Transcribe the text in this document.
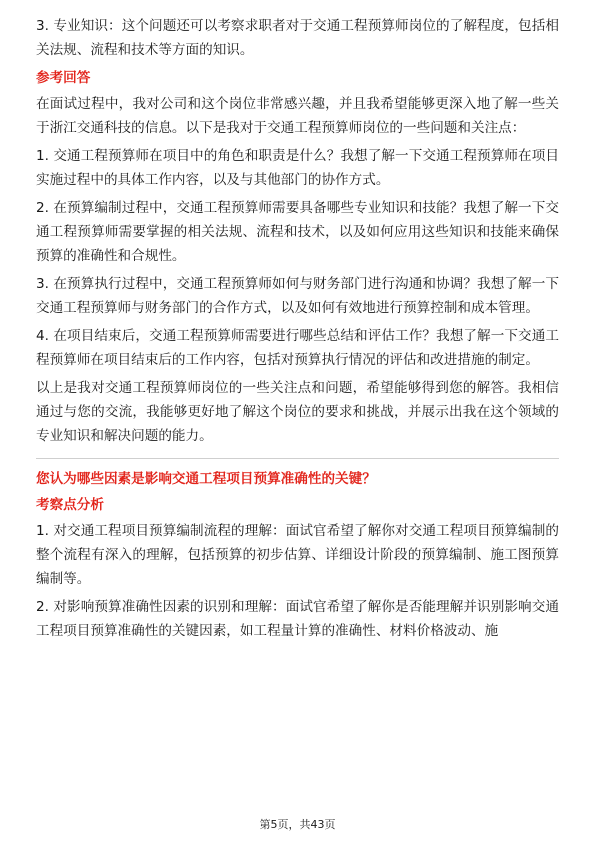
3. 专业知识：这个问题还可以考察求职者对于交通工程预算师岗位的了解程度，包括相关法规、流程和技术等方面的知识。

参考回答

在面试过程中，我对公司和这个岗位非常感兴趣，并且我希望能够更深入地了解一些关于浙江交通科技的信息。以下是我对于交通工程预算师岗位的一些问题和关注点：

1. 交通工程预算师在项目中的角色和职责是什么？我想了解一下交通工程预算师在项目实施过程中的具体工作内容，以及与其他部门的协作方式。

2. 在预算编制过程中，交通工程预算师需要具备哪些专业知识和技能？我想了解一下交通工程预算师需要掌握的相关法规、流程和技术，以及如何应用这些知识和技能来确保预算的准确性和合规性。

3. 在预算执行过程中，交通工程预算师如何与财务部门进行沟通和协调？我想了解一下交通工程预算师与财务部门的合作方式，以及如何有效地进行预算控制和成本管理。

4. 在项目结束后，交通工程预算师需要进行哪些总结和评估工作？我想了解一下交通工程预算师在项目结束后的工作内容，包括对预算执行情况的评估和改进措施的制定。

以上是我对交通工程预算师岗位的一些关注点和问题，希望能够得到您的解答。我相信通过与您的交流，我能够更好地了解这个岗位的要求和挑战，并展示出我在这个领域的专业知识和解决问题的能力。

您认为哪些因素是影响交通工程项目预算准确性的关键？
考察点分析

1. 对交通工程项目预算编制流程的理解：面试官希望了解你对交通工程项目预算编制的整个流程有深入的理解，包括预算的初步估算、详细设计阶段的预算编制、施工图预算编制等。

2. 对影响预算准确性因素的识别和理解：面试官希望了解你是否能理解并识别影响交通工程项目预算准确性的关键因素，如工程量计算的准确性、材料价格波动、施

第5页，共43页
